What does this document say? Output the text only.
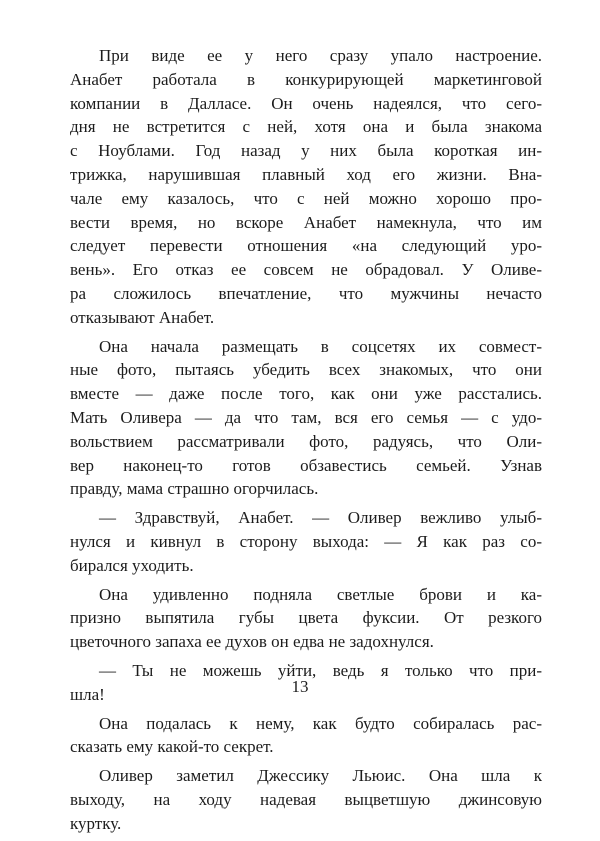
При виде ее у него сразу упало настроение.
Анабет работала в конкурирующей маркетинговой
компании в Далласе. Он очень надеялся, что сего-
дня не встретится с ней, хотя она и была знакома
с Ноублами. Год назад у них была короткая ин-
трижка, нарушившая плавный ход его жизни. Вна-
чале ему казалось, что с ней можно хорошо про-
вести время, но вскоре Анабет намекнула, что им
следует перевести отношения «на следующий уро-
вень». Его отказ ее совсем не обрадовал. У Оливе-
ра сложилось впечатление, что мужчины нечасто
отказывают Анабет.
Она начала размещать в соцсетях их совмест-
ные фото, пытаясь убедить всех знакомых, что они
вместе — даже после того, как они уже расстались.
Мать Оливера — да что там, вся его семья — с удо-
вольствием рассматривали фото, радуясь, что Оли-
вер наконец-то готов обзавестись семьей. Узнав
правду, мама страшно огорчилась.
— Здравствуй, Анабет. — Оливер вежливо улыб-
нулся и кивнул в сторону выхода: — Я как раз со-
бирался уходить.
Она удивленно подняла светлые брови и ка-
призно выпятила губы цвета фуксии. От резкого
цветочного запаха ее духов он едва не задохнулся.
— Ты не можешь уйти, ведь я только что при-
шла!
Она подалась к нему, как будто собиралась рас-
сказать ему какой-то секрет.
Оливер заметил Джессику Льюис. Она шла к
выходу, на ходу надевая выцветшую джинсовую
куртку.
13
